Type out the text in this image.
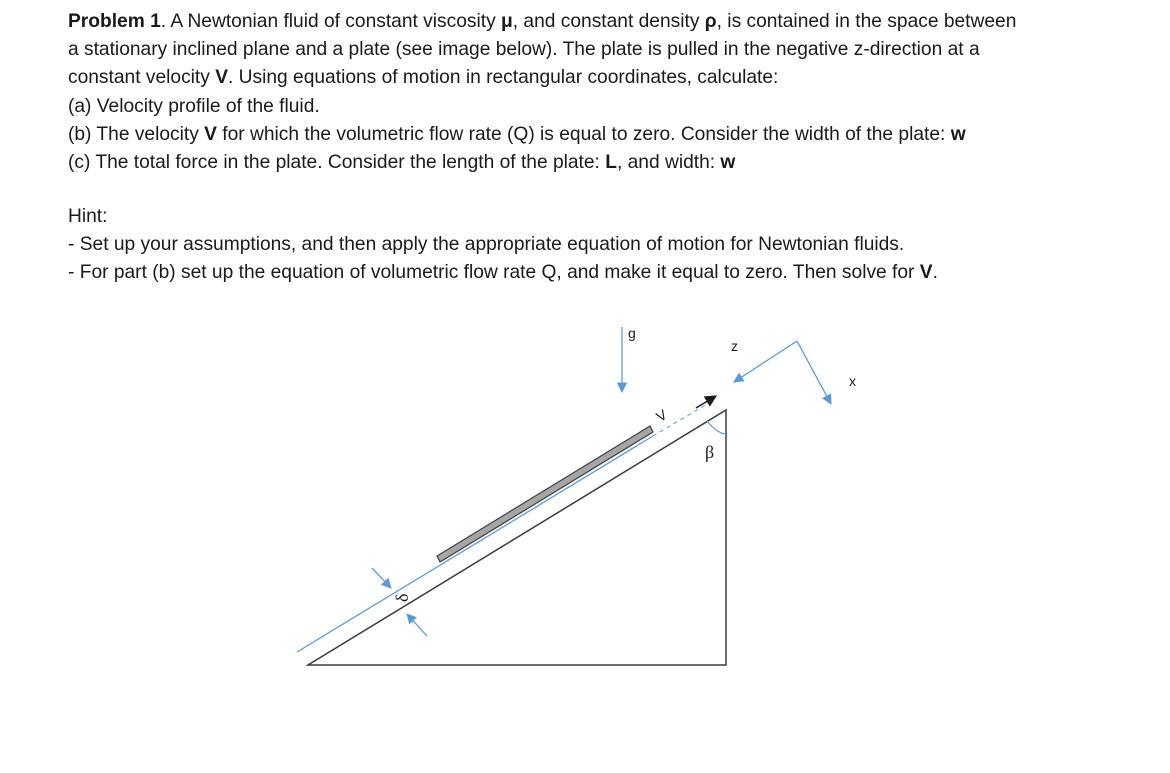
Problem 1. A Newtonian fluid of constant viscosity μ, and constant density ρ, is contained in the space between

a stationary inclined plane and a plate (see image below). The plate is pulled in the negative z-direction at a

constant velocity V. Using equations of motion in rectangular coordinates, calculate:

(a) Velocity profile of the fluid.

(b) The velocity V for which the volumetric flow rate (Q) is equal to zero. Consider the width of the plate: w

(c) The total force in the plate. Consider the length of the plate: L, and width: w

Hint:

- Set up your assumptions, and then apply the appropriate equation of motion for Newtonian fluids.

- For part (b) set up the equation of volumetric flow rate Q, and make it equal to zero. Then solve for V.

V
g
z
x
β
δ
